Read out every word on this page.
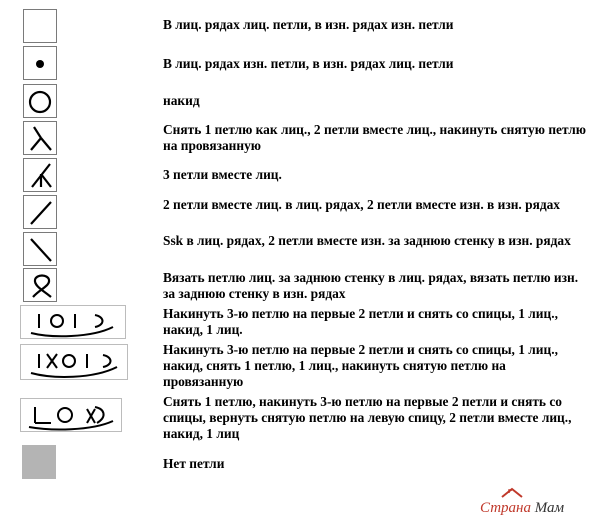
В лиц. рядах лиц. петли, в изн. рядах изн. петли

В лиц. рядах изн. петли, в изн. рядах лиц. петли

накид

Снять 1 петлю как лиц., 2 петли вместе лиц., накинуть снятую петлю на провязанную

3 петли вместе лиц.

2 петли вместе лиц. в лиц. рядах, 2 петли вместе изн. в изн. рядах

Ssk в лиц. рядах, 2 петли вместе изн. за заднюю стенку в изн. рядах

Вязать петлю лиц. за заднюю стенку в лиц. рядах, вязать петлю изн. за заднюю стенку в изн. рядах

Накинуть 3-ю петлю на первые 2 петли и снять со спицы, 1 лиц., накид, 1 лиц.

Накинуть 3-ю петлю на первые 2 петли и снять со спицы, 1 лиц., накид, снять 1 петлю, 1 лиц., накинуть снятую петлю на провязанную

Снять 1 петлю, накинуть 3-ю петлю на первые 2 петли и снять со спицы, вернуть снятую петлю на левую спицу, 2 петли вместе лиц., накид, 1 лиц

Нет петли

Страна Мам
